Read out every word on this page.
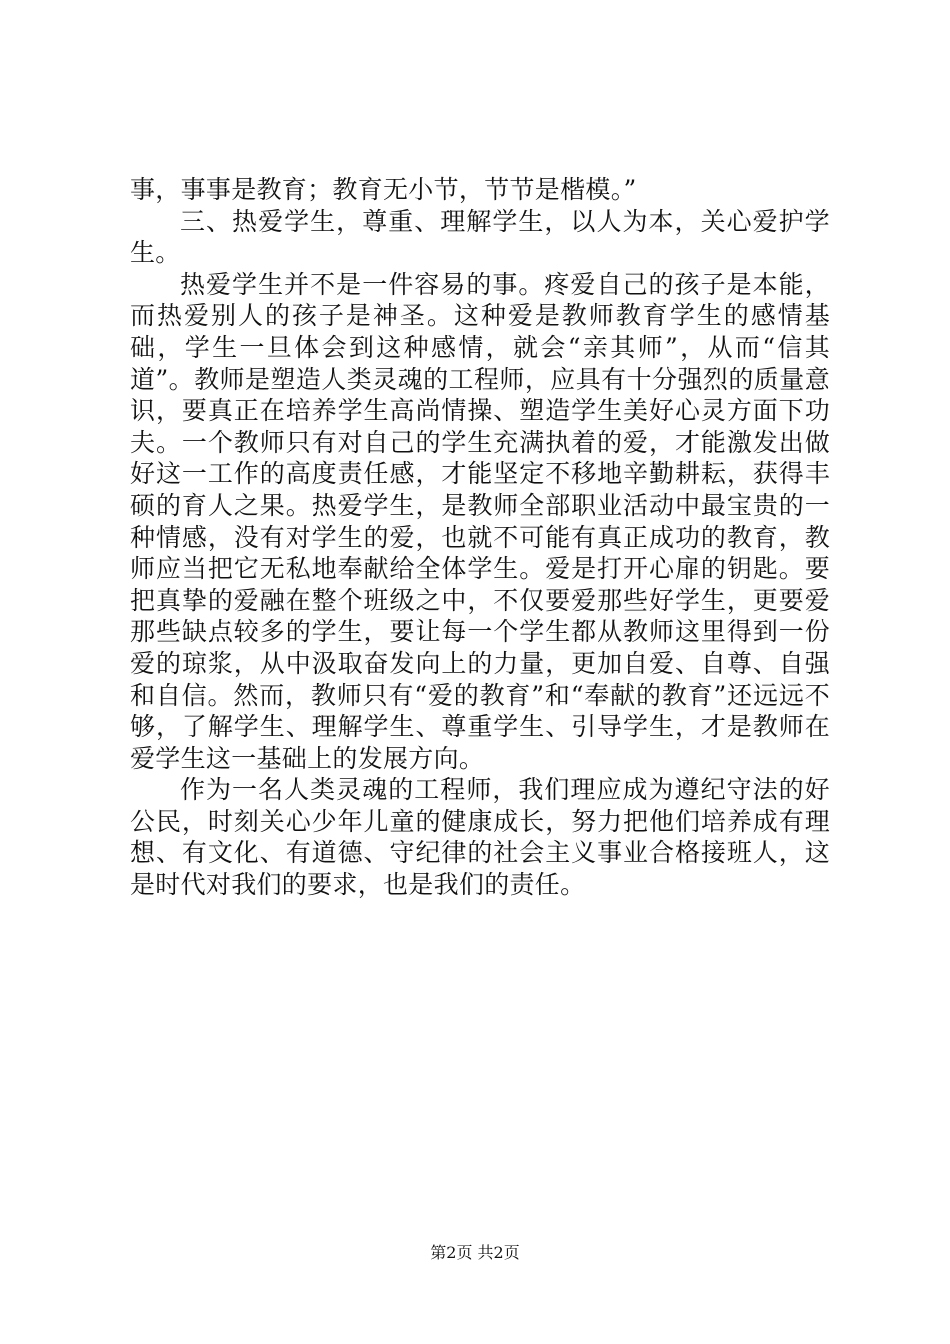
事，事事是教育；教育无小节，节节是楷模。”

三、热爱学生，尊重、理解学生，以人为本，关心爱护学生。

热爱学生并不是一件容易的事。疼爱自己的孩子是本能，而热爱别人的孩子是神圣。这种爱是教师教育学生的感情基础，学生一旦体会到这种感情，就会“亲其师”，从而“信其道”。教师是塑造人类灵魂的工程师，应具有十分强烈的质量意识，要真正在培养学生高尚情操、塑造学生美好心灵方面下功夫。一个教师只有对自己的学生充满执着的爱，才能激发出做好这一工作的高度责任感，才能坚定不移地辛勤耕耘，获得丰硕的育人之果。热爱学生，是教师全部职业活动中最宝贵的一种情感，没有对学生的爱，也就不可能有真正成功的教育，教师应当把它无私地奉献给全体学生。爱是打开心扉的钥匙。要把真挚的爱融在整个班级之中，不仅要爱那些好学生，更要爱那些缺点较多的学生，要让每一个学生都从教师这里得到一份爱的琼浆，从中汲取奋发向上的力量，更加自爱、自尊、自强和自信。然而，教师只有“爱的教育”和“奉献的教育”还远远不够，了解学生、理解学生、尊重学生、引导学生，才是教师在爱学生这一基础上的发展方向。

作为一名人类灵魂的工程师，我们理应成为遵纪守法的好公民，时刻关心少年儿童的健康成长，努力把他们培养成有理想、有文化、有道德、守纪律的社会主义事业合格接班人，这是时代对我们的要求，也是我们的责任。

第2页 共2页
